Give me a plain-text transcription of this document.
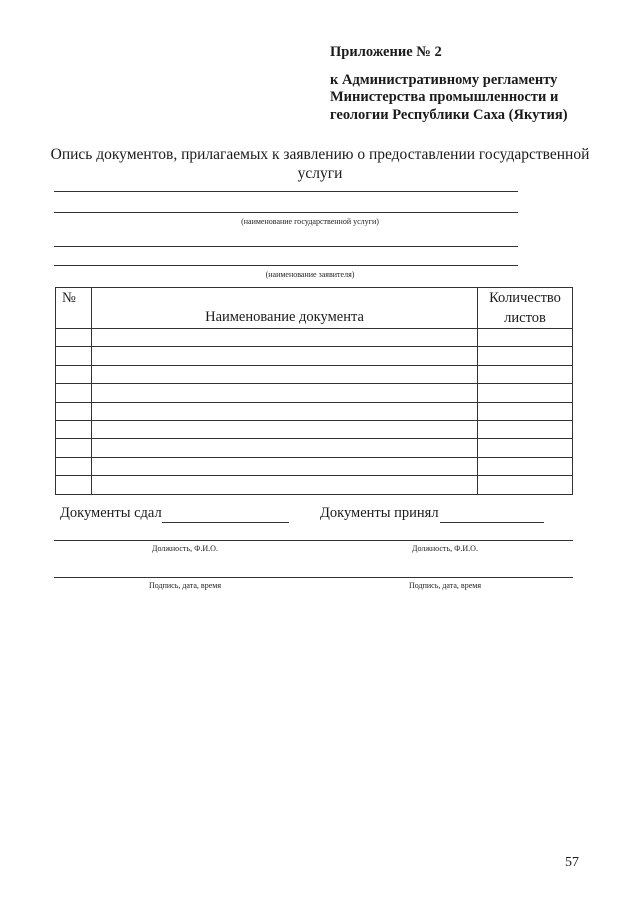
Приложение № 2
к Административному регламенту
Министерства промышленности и
геологии Республики Саха (Якутия)
Опись документов, прилагаемых к заявлению о предоставлении государственной
услуги
(наименование государственной услуги)
(наименование заявителя)
№	Наименование документа	Количество
листов

Документы сдал	Документы принял
Должность, Ф.И.О.	Должность, Ф.И.О.
Подпись, дата, время	Подпись, дата, время
57
